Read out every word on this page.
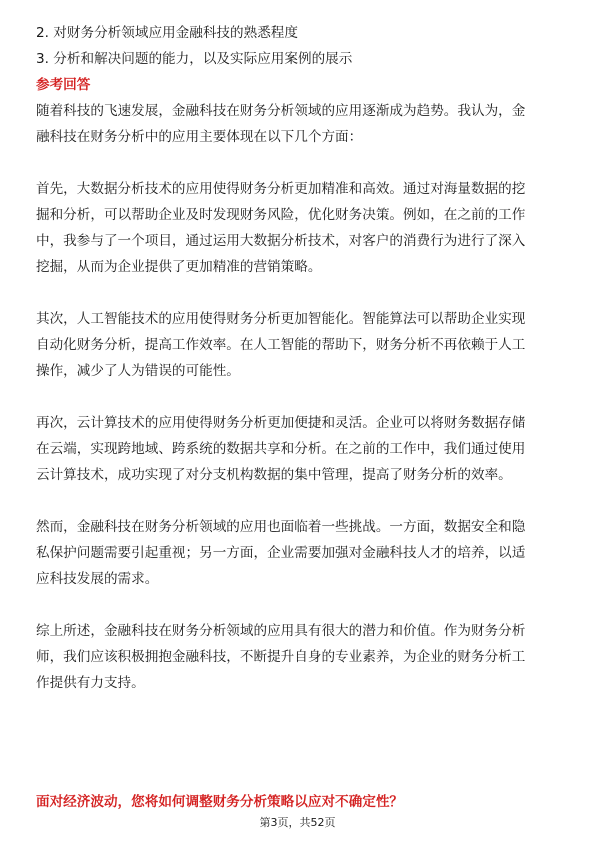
2. 对财务分析领域应用金融科技的熟悉程度
3. 分析和解决问题的能力，以及实际应用案例的展示
参考回答
随着科技的飞速发展，金融科技在财务分析领域的应用逐渐成为趋势。我认为，金
融科技在财务分析中的应用主要体现在以下几个方面：
首先，大数据分析技术的应用使得财务分析更加精准和高效。通过对海量数据的挖
掘和分析，可以帮助企业及时发现财务风险，优化财务决策。例如，在之前的工作
中，我参与了一个项目，通过运用大数据分析技术，对客户的消费行为进行了深入
挖掘，从而为企业提供了更加精准的营销策略。
其次，人工智能技术的应用使得财务分析更加智能化。智能算法可以帮助企业实现
自动化财务分析，提高工作效率。在人工智能的帮助下，财务分析不再依赖于人工
操作，减少了人为错误的可能性。
再次，云计算技术的应用使得财务分析更加便捷和灵活。企业可以将财务数据存储
在云端，实现跨地域、跨系统的数据共享和分析。在之前的工作中，我们通过使用
云计算技术，成功实现了对分支机构数据的集中管理，提高了财务分析的效率。
然而，金融科技在财务分析领域的应用也面临着一些挑战。一方面，数据安全和隐
私保护问题需要引起重视；另一方面，企业需要加强对金融科技人才的培养，以适
应科技发展的需求。
综上所述，金融科技在财务分析领域的应用具有很大的潜力和价值。作为财务分析
师，我们应该积极拥抱金融科技，不断提升自身的专业素养，为企业的财务分析工
作提供有力支持。
面对经济波动，您将如何调整财务分析策略以应对不确定性？
第3页，共52页
